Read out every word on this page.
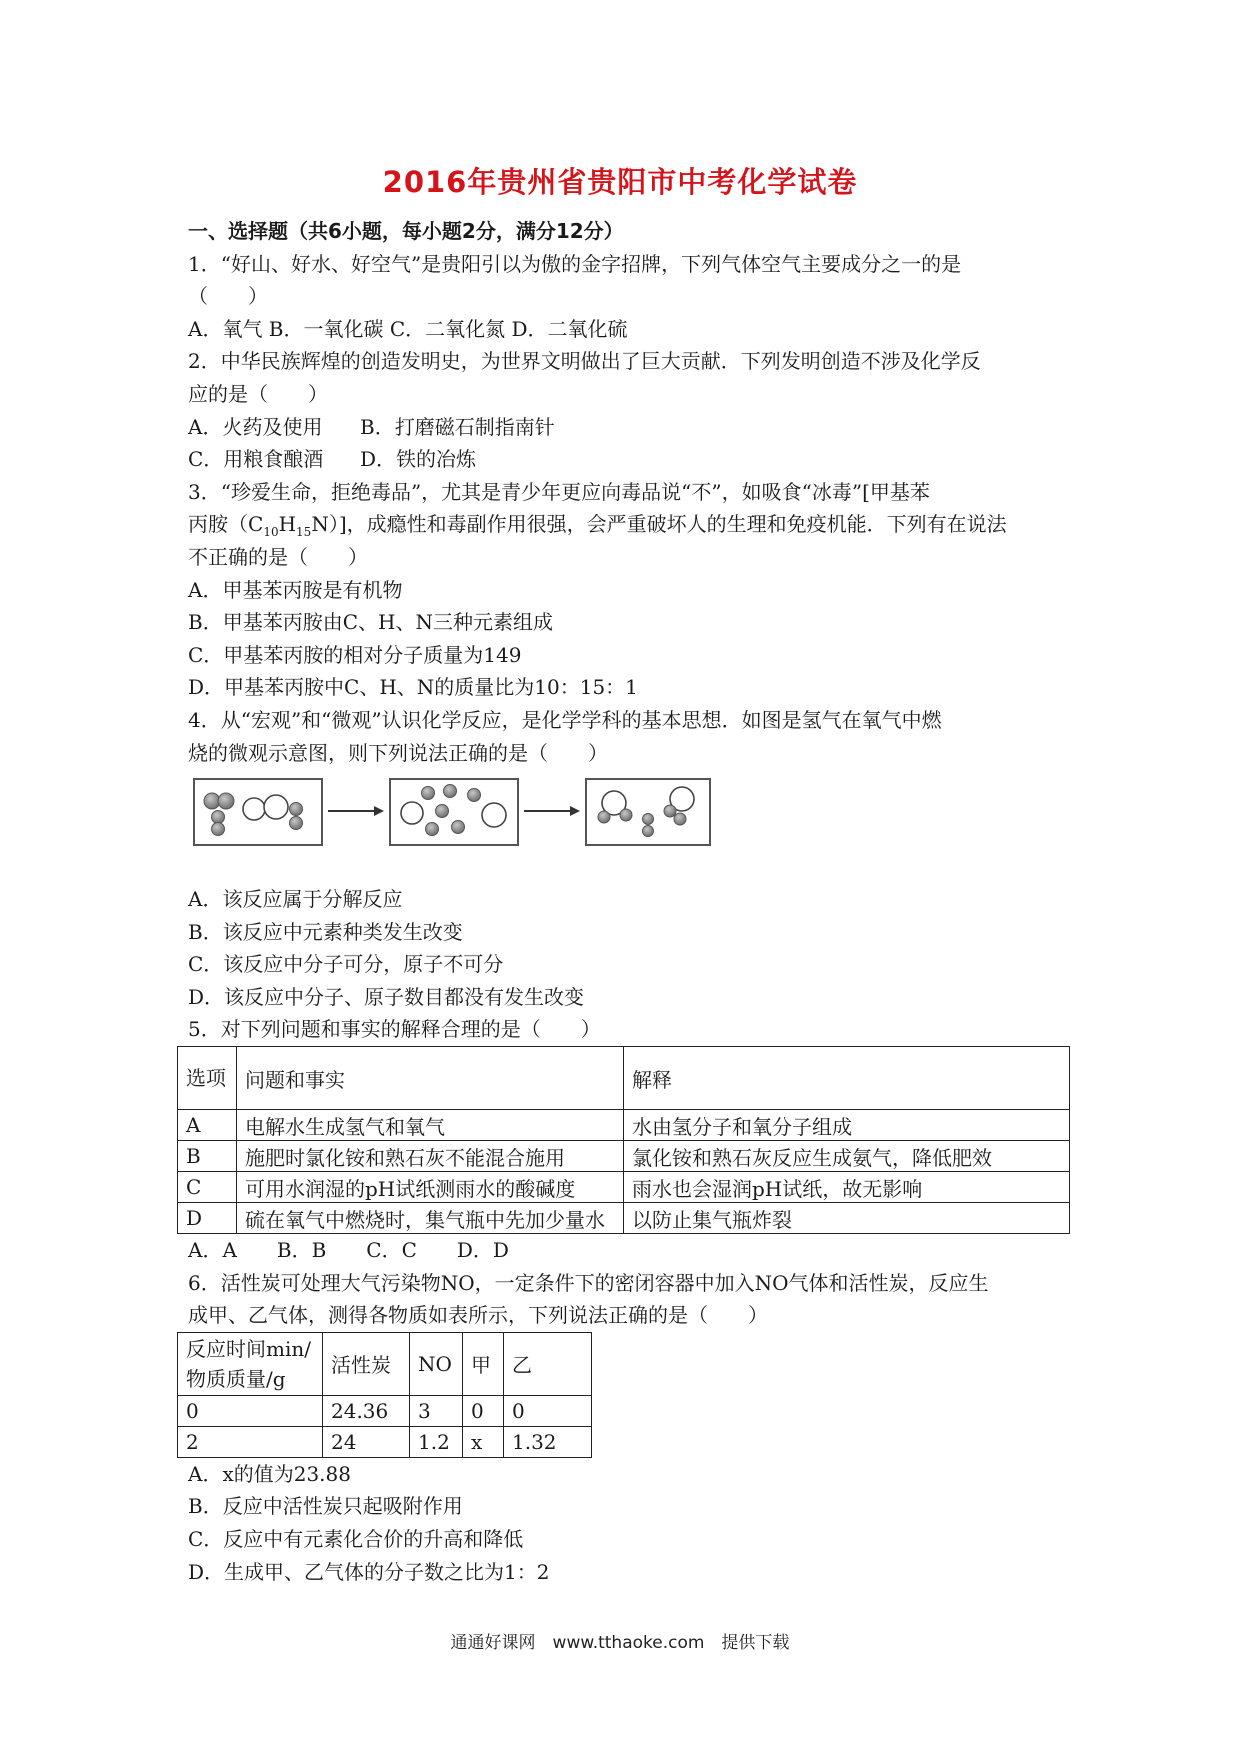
2016年贵州省贵阳市中考化学试卷
一、选择题（共6小题，每小题2分，满分12分）
1．“好山、好水、好空气”是贵阳引以为傲的金字招牌，下列气体空气主要成分之一的是
（　　）
A．氧气 B．一氧化碳 C．二氧化氮 D．二氧化硫
2．中华民族辉煌的创造发明史，为世界文明做出了巨大贡献．下列发明创造不涉及化学反
应的是（　　）
A．火药及使用 B．打磨磁石制指南针
C．用粮食酿酒 D．铁的冶炼
3．“珍爱生命，拒绝毒品”，尤其是青少年更应向毒品说“不”，如吸食“冰毒”[甲基苯
丙胺$(C_{10}H_{15}N)$]，成瘾性和毒副作用很强，会严重破坏人的生理和免疫机能．下列有在说法
不正确的是（　　）
A．甲基苯丙胺是有机物
B．甲基苯丙胺由C、H、N三种元素组成
C．甲基苯丙胺的相对分子质量为149
D．甲基苯丙胺中C、H、N的质量比为10：15：1
4．从“宏观”和“微观”认识化学反应，是化学学科的基本思想．如图是氢气在氧气中燃
烧的微观示意图，则下列说法正确的是（　　）
A．该反应属于分解反应
B．该反应中元素种类发生改变
C．该反应中分子可分，原子不可分
D．该反应中分子、原子数目都没有发生改变
5．对下列问题和事实的解释合理的是（　　）
选项	问题和事实	解释
A	电解水生成氢气和氧气	水由氢分子和氧分子组成
B	施肥时氯化铵和熟石灰不能混合施用	氯化铵和熟石灰反应生成氨气，降低肥效
C	可用水润湿的pH试纸测雨水的酸碱度	雨水也会湿润pH试纸，故无影响
D	硫在氧气中燃烧时，集气瓶中先加少量水	以防止集气瓶炸裂
A．A　　B．B　　C．C　　D．D
6．活性炭可处理大气污染物NO，一定条件下的密闭容器中加入NO气体和活性炭，反应生
成甲、乙气体，测得各物质如表所示，下列说法正确的是（　　）
反应时间min/
物质质量/g	活性炭	NO	甲	乙
0	24.36	3	0	0
2	24	1.2	x	1.32
A．x的值为23.88
B．反应中活性炭只起吸附作用
C．反应中有元素化合价的升高和降低
D．生成甲、乙气体的分子数之比为1：2
通通好课网　www.tthaoke.com　提供下载
